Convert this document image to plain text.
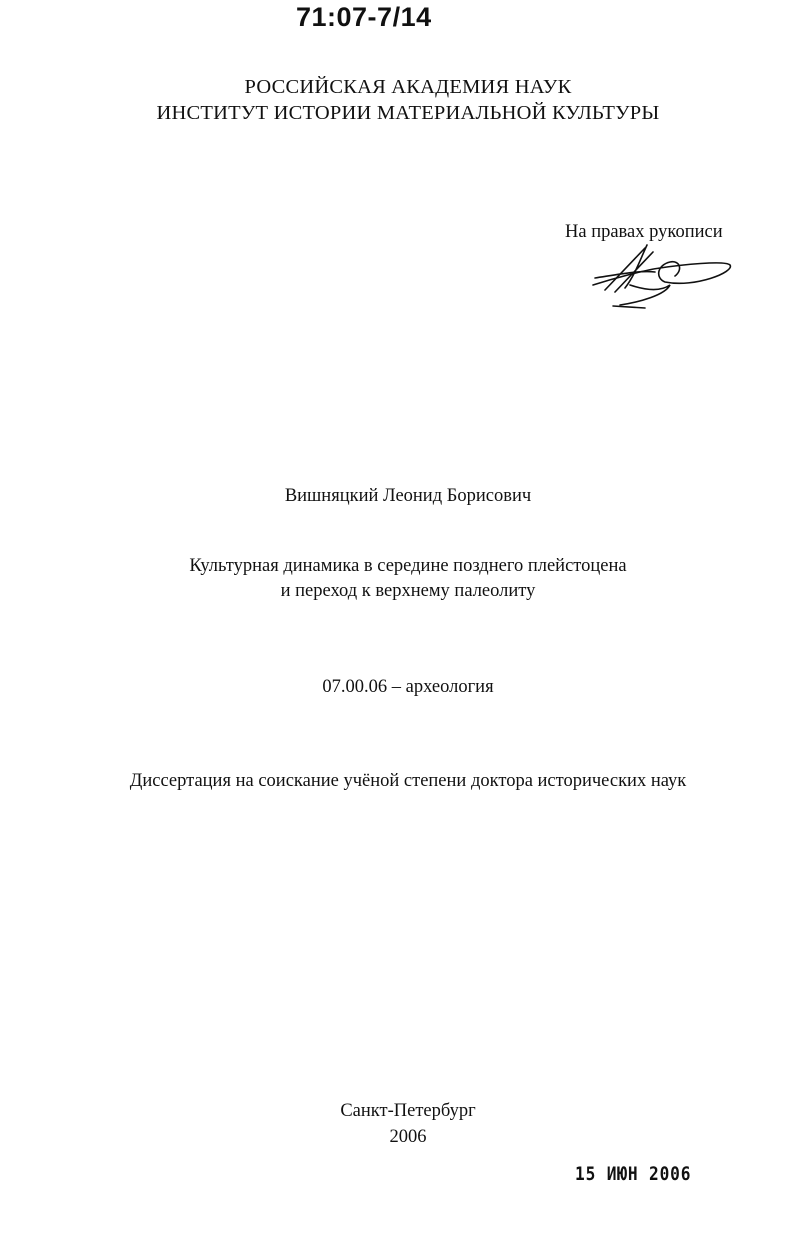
71:07-7/14
РОССИЙСКАЯ АКАДЕМИЯ НАУК
ИНСТИТУТ ИСТОРИИ МАТЕРИАЛЬНОЙ КУЛЬТУРЫ
На правах рукописи
Вишняцкий Леонид Борисович
Культурная динамика в середине позднего плейстоцена
и переход к верхнему палеолиту
07.00.06 – археология
Диссертация на соискание учёной степени доктора исторических наук
Санкт-Петербург
2006
15 ИЮН 2006
